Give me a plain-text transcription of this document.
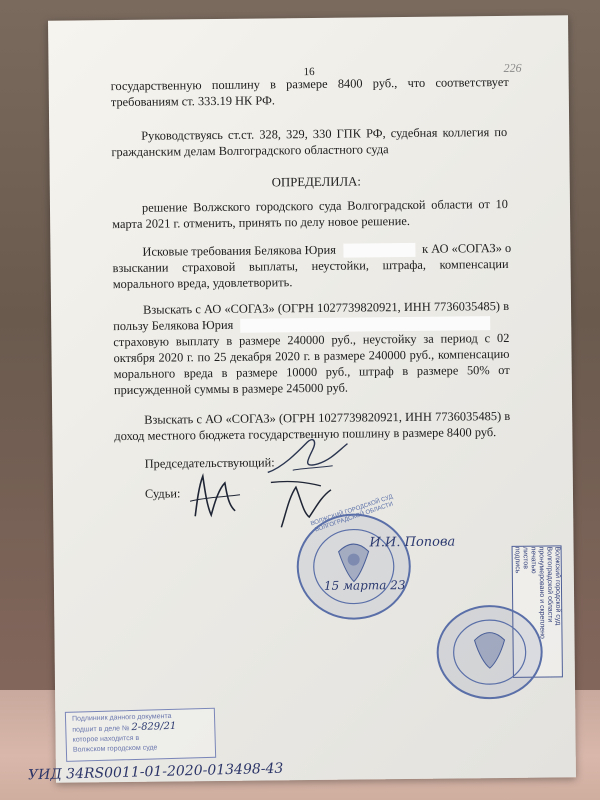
16	226
государственную пошлину в размере 8400 руб., что соответствует
требованиям ст. 333.19 НК РФ.
Руководствуясь ст.ст. 328, 329, 330 ГПК РФ, судебная коллегия по
гражданским делам Волгоградского областного суда
ОПРЕДЕЛИЛА:
решение Волжского городского суда Волгоградской области от 10
марта 2021 г. отменить, принять по делу новое решение.
Исковые требования Белякова Юрия	к АО «СОГАЗ» о
взыскании страховой выплаты, неустойки, штрафа, компенсации
морального вреда, удовлетворить.
Взыскать с АО «СОГАЗ» (ОГРН 1027739820921, ИНН 7736035485) в
пользу Белякова Юрия
страховую выплату в размере 240000 руб., неустойку за период с 02
октября 2020 г. по 25 декабря 2020 г. в размере 240000 руб., компенсацию
морального вреда в размере 10000 руб., штраф в размере 50% от
присужденной суммы в размере 245000 руб.
Взыскать с АО «СОГАЗ» (ОГРН 1027739820921, ИНН 7736035485) в
доход местного бюджета государственную пошлину в размере 8400 руб.
Председательствующий:
Судьи:
ВОЛЖСКИЙ ГОРОДСКОЙ СУД ВОЛГОГРАДСКОЙ ОБЛАСТИ
И.И. Попова
15 марта 23	Волжский городской суд
Волгоградской области
пронумеровано и скреплено
печатью
листов
подпись
Подлинник данного документа
подшит в деле № 2-829/21
которое находится в
Волжском городском суде
УИД 34RS0011-01-2020-013498-43
